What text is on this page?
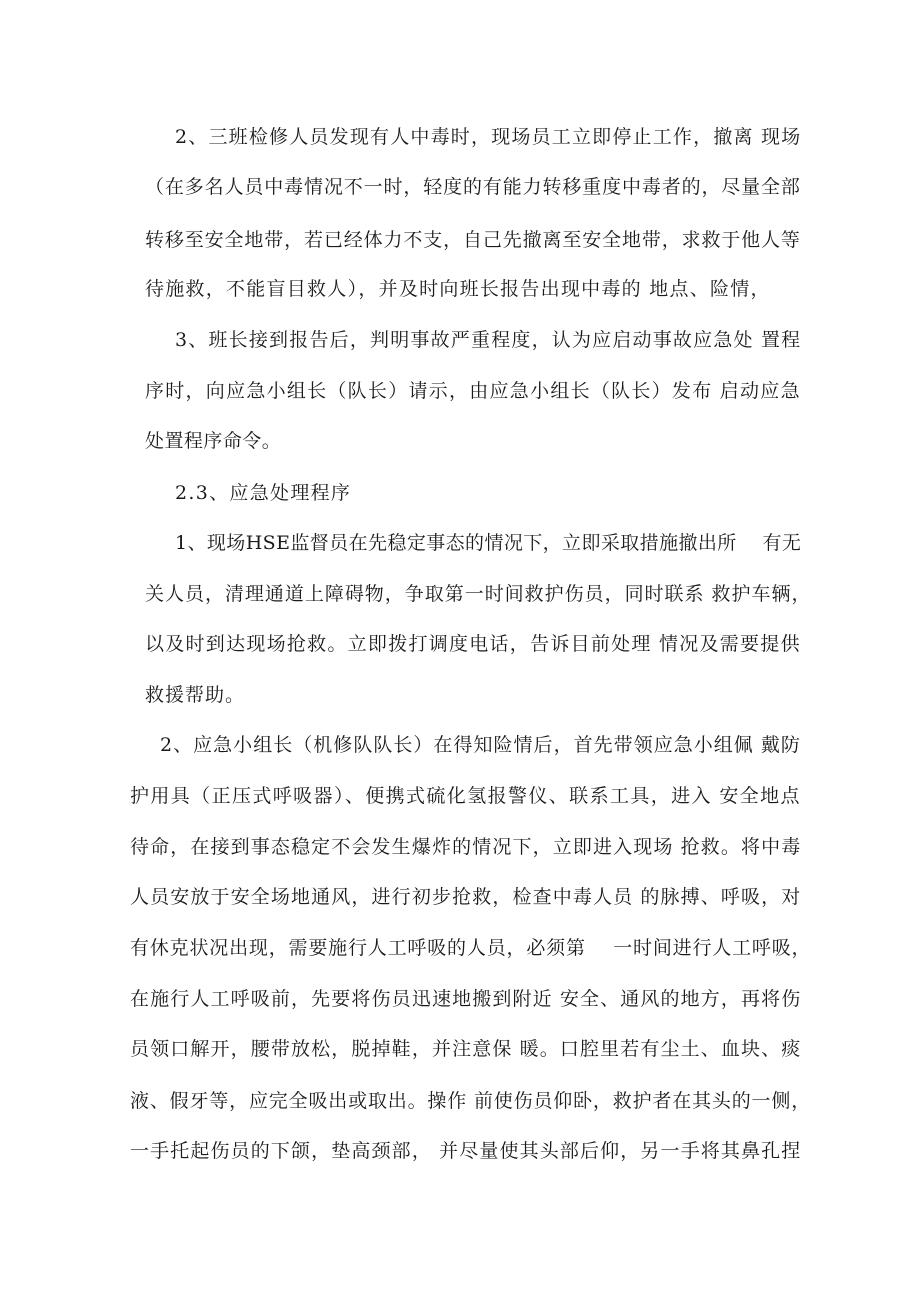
2、三班检修人员发现有人中毒时，现场员工立即停止工作，撤离 现场
（在多名人员中毒情况不一时，轻度的有能力转移重度中毒者的，尽量全部
转移至安全地带，若已经体力不支，自己先撤离至安全地带，求救于他人等
待施救，不能盲目救人），并及时向班长报告出现中毒的 地点、险情，
3、班长接到报告后，判明事故严重程度，认为应启动事故应急处 置程
序时，向应急小组长（队长）请示，由应急小组长（队长）发布 启动应急
处置程序命令。
2.3、应急处理程序
1、现场HSE监督员在先稳定事态的情况下，立即采取措施撤出所    有无
关人员，清理通道上障碍物，争取第一时间救护伤员，同时联系 救护车辆，
以及时到达现场抢救。立即拨打调度电话，告诉目前处理 情况及需要提供
救援帮助。
2、应急小组长（机修队队长）在得知险情后，首先带领应急小组佩 戴防
护用具（正压式呼吸器）、便携式硫化氢报警仪、联系工具，进入 安全地点
待命，在接到事态稳定不会发生爆炸的情况下，立即进入现场 抢救。将中毒
人员安放于安全场地通风，进行初步抢救，检查中毒人员 的脉搏、呼吸，对
有休克状况出现，需要施行人工呼吸的人员，必须第    一时间进行人工呼吸，
在施行人工呼吸前，先要将伤员迅速地搬到附近 安全、通风的地方，再将伤
员领口解开，腰带放松，脱掉鞋，并注意保 暖。口腔里若有尘土、血块、痰
液、假牙等，应完全吸出或取出。操作 前使伤员仰卧，救护者在其头的一侧，
一手托起伤员的下颌，垫高颈部， 并尽量使其头部后仰，另一手将其鼻孔捏
